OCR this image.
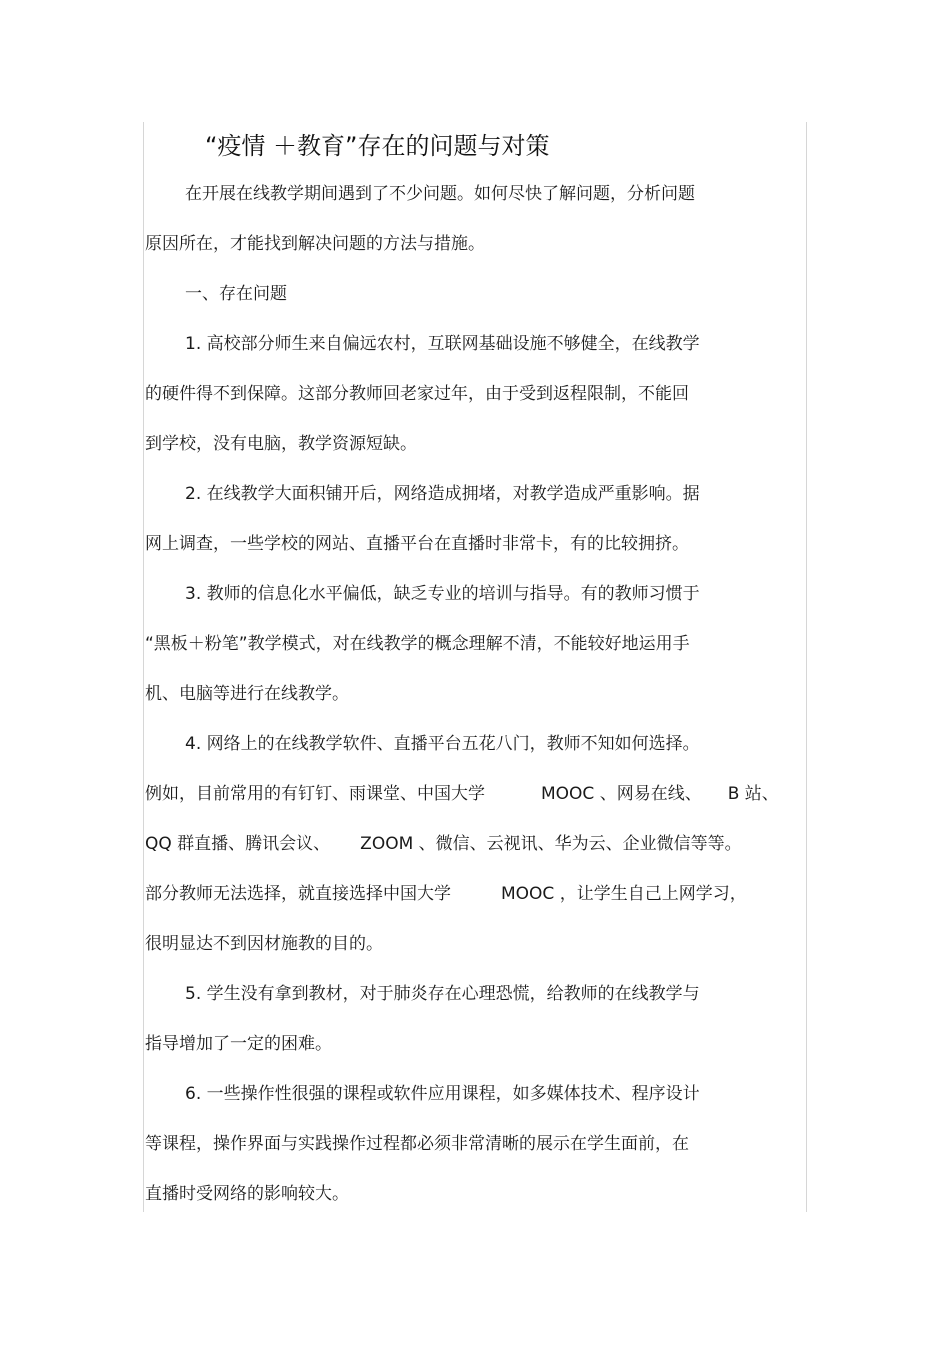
“疫情 ＋教育”存在的问题与对策
在开展在线教学期间遇到了不少问题。如何尽快了解问题，分析问题
原因所在，才能找到解决问题的方法与措施。
一、存在问题
1. 高校部分师生来自偏远农村，互联网基础设施不够健全，在线教学
的硬件得不到保障。这部分教师回老家过年，由于受到返程限制，不能回
到学校，没有电脑，教学资源短缺。
2. 在线教学大面积铺开后，网络造成拥堵，对教学造成严重影响。据
网上调查，一些学校的网站、直播平台在直播时非常卡，有的比较拥挤。
3. 教师的信息化水平偏低，缺乏专业的培训与指导。有的教师习惯于
“黑板＋粉笔”教学模式，对在线教学的概念理解不清，不能较好地运用手
机、电脑等进行在线教学。
4. 网络上的在线教学软件、直播平台五花八门，教师不知如何选择。
例如，目前常用的有钉钉、雨课堂、中国大学	MOOC 、网易在线、 B 站、
QQ 群直播、腾讯会议、 ZOOM 、微信、云视讯、华为云、企业微信等等。
部分教师无法选择，就直接选择中国大学	MOOC ，让学生自己上网学习，
很明显达不到因材施教的目的。
5. 学生没有拿到教材，对于肺炎存在心理恐慌，给教师的在线教学与
指导增加了一定的困难。
6. 一些操作性很强的课程或软件应用课程，如多媒体技术、程序设计
等课程，操作界面与实践操作过程都必须非常清晰的展示在学生面前，在
直播时受网络的影响较大。
